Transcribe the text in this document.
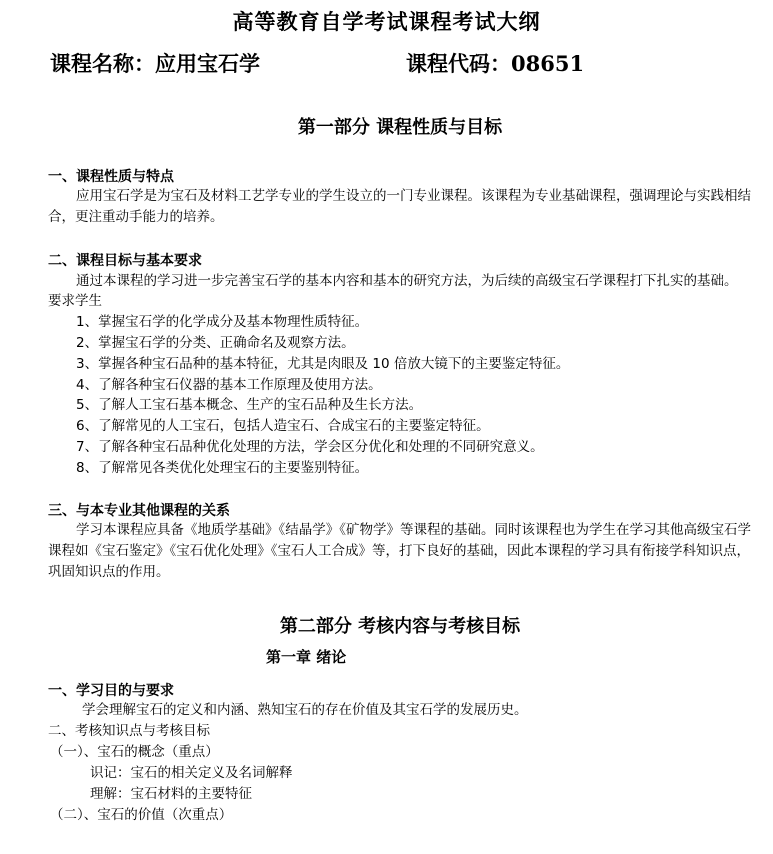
高等教育自学考试课程考试大纲
课程名称：应用宝石学	课程代码：08651
第一部分 课程性质与目标
一、课程性质与特点
应用宝石学是为宝石及材料工艺学专业的学生设立的一门专业课程。该课程为专业基础课程，强调理论与实践相结合，更注重动手能力的培养。
二、课程目标与基本要求
通过本课程的学习进一步完善宝石学的基本内容和基本的研究方法，为后续的高级宝石学课程打下扎实的基础。
要求学生
1、掌握宝石学的化学成分及基本物理性质特征。
2、掌握宝石学的分类、正确命名及观察方法。
3、掌握各种宝石品种的基本特征，尤其是肉眼及 10 倍放大镜下的主要鉴定特征。
4、了解各种宝石仪器的基本工作原理及使用方法。
5、了解人工宝石基本概念、生产的宝石品种及生长方法。
6、了解常见的人工宝石，包括人造宝石、合成宝石的主要鉴定特征。
7、了解各种宝石品种优化处理的方法，学会区分优化和处理的不同研究意义。
8、了解常见各类优化处理宝石的主要鉴别特征。
三、与本专业其他课程的关系
学习本课程应具备《地质学基础》《结晶学》《矿物学》等课程的基础。同时该课程也为学生在学习其他高级宝石学课程如《宝石鉴定》《宝石优化处理》《宝石人工合成》等，打下良好的基础，因此本课程的学习具有衔接学科知识点，巩固知识点的作用。
第二部分 考核内容与考核目标
第一章 绪论
一、学习目的与要求
学会理解宝石的定义和内涵、熟知宝石的存在价值及其宝石学的发展历史。
二、考核知识点与考核目标
（一）、宝石的概念（重点）
识记：宝石的相关定义及名词解释
理解：宝石材料的主要特征
（二）、宝石的价值（次重点）
